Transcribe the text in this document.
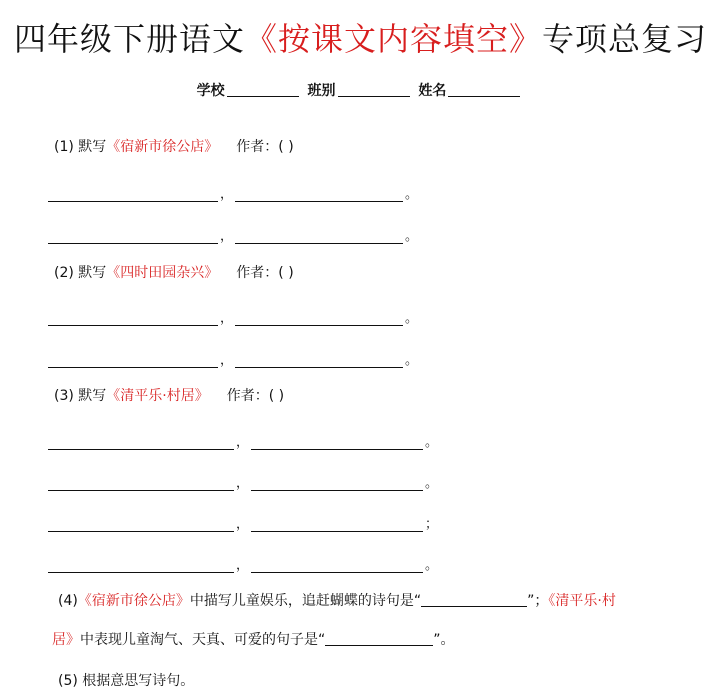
四年级下册语文《按课文内容填空》专项总复习
学校	班别	姓名
(1) 默写《宿新市徐公店》 作者：( )
，	。
，	。
(2) 默写《四时田园杂兴》 作者：( )
，	。
，	。
(3) 默写《清平乐·村居》 作者：( )
，	。
，	。
，	；
，	。
(4)《宿新市徐公店》中描写儿童娱乐，追赶蝴蝶的诗句是“	”；《清平乐·村
居》中表现儿童淘气、天真、可爱的句子是“	”。
(5) 根据意思写诗句。
